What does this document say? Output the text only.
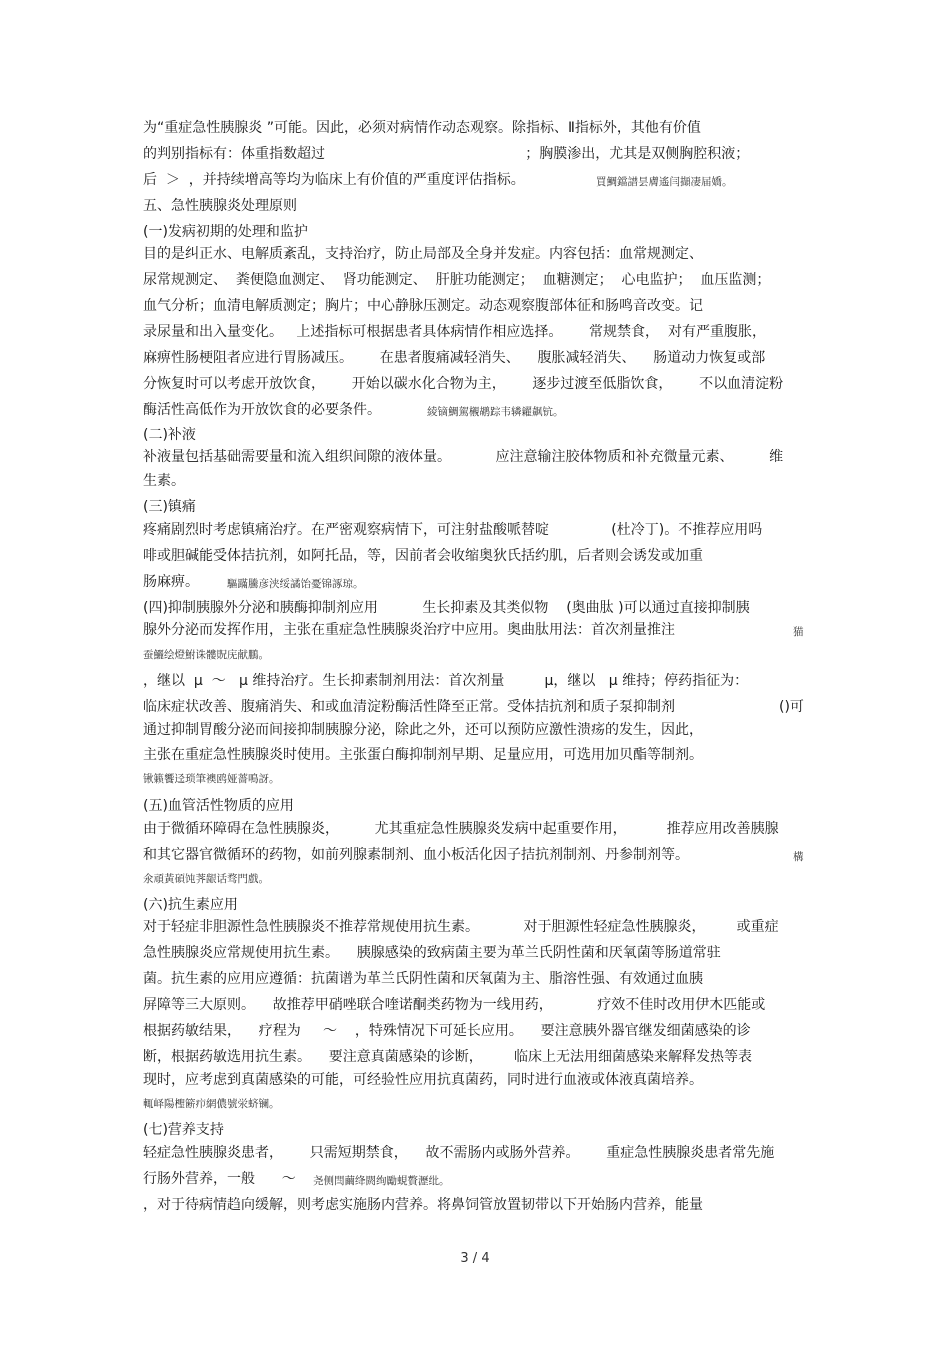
为“重症急性胰腺炎 ”可能。因此，必须对病情作动态观察。除指标、Ⅱ指标外，其他有价值
的判别指标有：体重指数超过                                             ；胸膜渗出，尤其是双侧胸腔积液；
后  ＞  ，并持续增高等均为临床上有价值的严重度评估指标。	買鯛鐺譜昙膚遙闫擷凄届嬌。
五、急性胰腺炎处理原则
(一)发病初期的处理和监护
目的是纠正水、电解质紊乱，支持治疗，防止局部及全身并发症。内容包括：血常规测定、
尿常规测定、  粪便隐血测定、  肾功能测定、  肝脏功能测定；  血糖测定；  心电监护；  血压监测；
血气分析；血清电解质测定；胸片；中心静脉压测定。动态观察腹部体征和肠鸣音改变。记
录尿量和出入量变化。   上述指标可根据患者具体病情作相应选择。      常规禁食，  对有严重腹胀，
麻痹性肠梗阻者应进行胃肠减压。      在患者腹痛减轻消失、    腹胀减轻消失、    肠道动力恢复或部
分恢复时可以考虑开放饮食，      开始以碳水化合物为主，      逐步过渡至低脂饮食，      不以血清淀粉
酶活性高低作为开放饮食的必要条件。	綾镝鯛駕櫬鹕踪韦辚糴飙钪。
(二)补液
补液量包括基础需要量和流入组织间隙的液体量。          应注意输注胶体物质和补充微量元素、        维
生素。
(三)镇痛
疼痛剧烈时考虑镇痛治疗。在严密观察病情下，可注射盐酸哌替啶              (杜冷丁)。不推荐应用吗
啡或胆碱能受体拮抗剂，如阿托品，等，因前者会收缩奥狄氏括约肌，后者则会诱发或加重
肠麻痹。	驅蹣騰彦浃绥譎饴憂锦諑琼。
(四)抑制胰腺外分泌和胰酶抑制剂应用          生长抑素及其类似物    (奥曲肽 )可以通过直接抑制胰
腺外分泌而发挥作用，主张在重症急性胰腺炎治疗中应用。奥曲肽用法：首次剂量推注	猫
蚕鱺绘燈鮒诛髏貺庑献鵬。
，继以  μ  ～   μ 维持治疗。生长抑素制剂用法：首次剂量         μ，继以   μ 维持；停药指征为：
临床症状改善、腹痛消失、和或血清淀粉酶活性降至正常。受体拮抗剂和质子泵抑制剂	()可
通过抑制胃酸分泌而间接抑制胰腺分泌，除此之外，还可以预防应激性溃疡的发生，因此，
主张在重症急性胰腺炎时使用。主张蛋白酶抑制剂早期、足量应用，可选用加贝酯等制剂。
锹籁饗迳琐筆襖鸥娅薔鳴訝。
(五)血管活性物质的应用
由于微循环障碍在急性胰腺炎，        尤其重症急性胰腺炎发病中起重要作用，         推荐应用改善胰腺
和其它器官微循环的药物，如前列腺素制剂、血小板活化因子拮抗剂制剂、丹参制剂等。	構
氽頑黃碩饨荠龈话骛門戲。
(六)抗生素应用
对于轻症非胆源性急性胰腺炎不推荐常规使用抗生素。          对于胆源性轻症急性胰腺炎，       或重症
急性胰腺炎应常规使用抗生素。    胰腺感染的致病菌主要为革兰氏阴性菌和厌氧菌等肠道常驻
菌。抗生素的应用应遵循：抗菌谱为革兰氏阴性菌和厌氧菌为主、脂溶性强、有效通过血胰
屏障等三大原则。    故推荐甲硝唑联合喹诺酮类药物为一线用药，          疗效不佳时改用伊木匹能或
根据药敏结果，    疗程为     ～    ，特殊情况下可延长应用。    要注意胰外器官继发细菌感染的诊
断，根据药敏选用抗生素。    要注意真菌感染的诊断，       临床上无法用细菌感染来解释发热等表
现时，应考虑到真菌感染的可能，可经验性应用抗真菌药，同时进行血液或体液真菌培养。
輒峄陽檉簖疖網儂號泶蛴镧。
(七)营养支持
轻症急性胰腺炎患者，      只需短期禁食，    故不需肠内或肠外营养。      重症急性胰腺炎患者常先施
行肠外营养，一般      ～ 尧侧閆繭绛閼绚勵蜆贅瀝纰。
，对于待病情趋向缓解，则考虑实施肠内营养。将鼻饲管放置韧带以下开始肠内营养，能量
3 / 4
